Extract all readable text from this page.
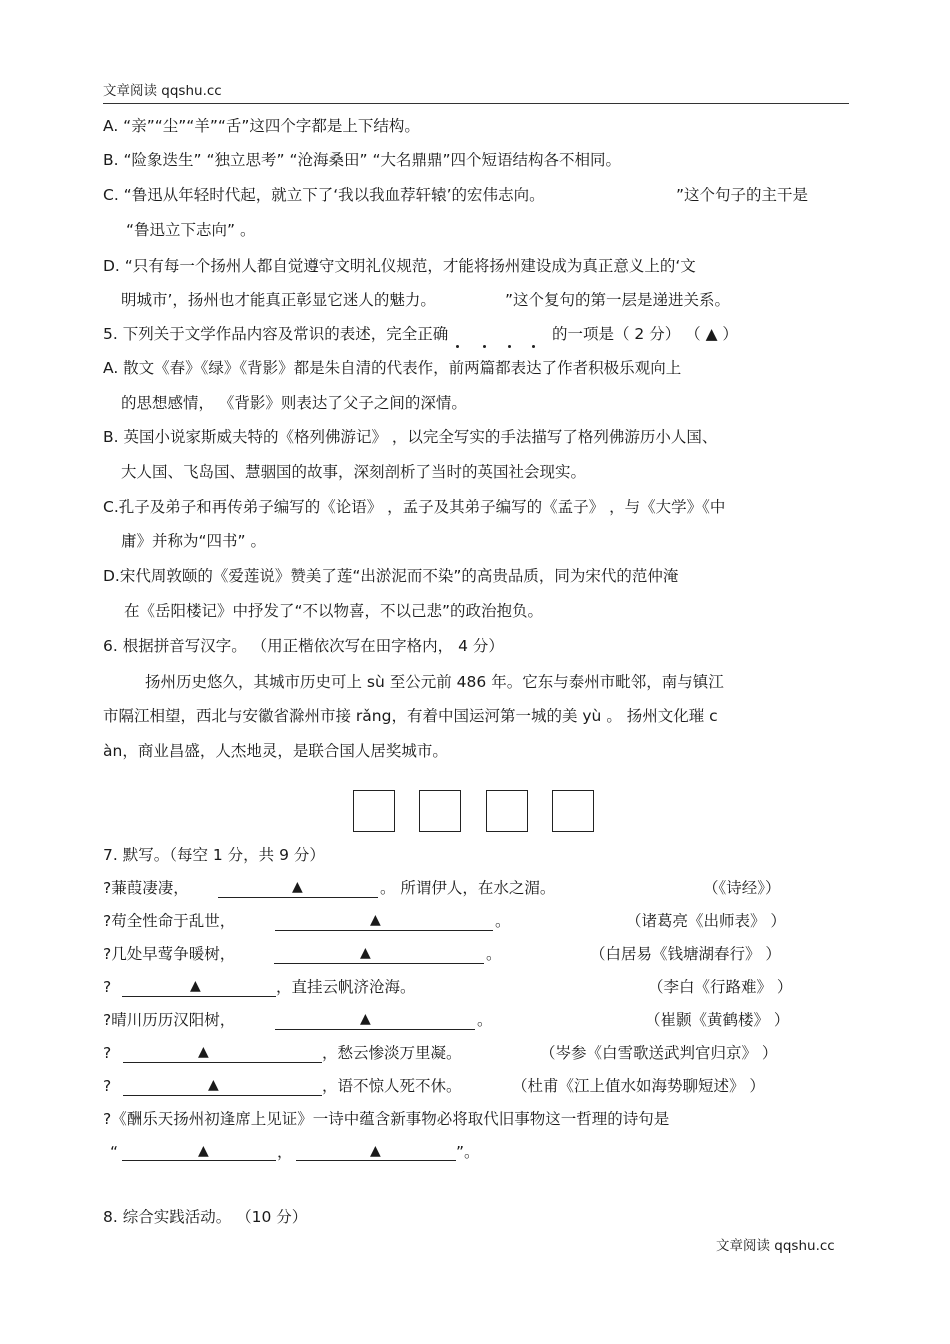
文章阅读 qqshu.cc
A. “亲”“尘”“羊”“舌”这四个字都是上下结构。
B. “险象迭生” “独立思考” “沧海桑田” “大名鼎鼎”四个短语结构各不相同。
C. “鲁迅从年轻时代起，就立下了‘我以我血荐轩辕’的宏伟志向。	”这个句子的主干是
“鲁迅立下志向” 。
D. “只有每一个扬州人都自觉遵守文明礼仪规范，才能将扬州建设成为真正意义上的‘文
明城市’，扬州也才能真正彰显它迷人的魅力。	”这个复句的第一层是递进关系。
5. 下列关于文学作品内容及常识的表述，完全正确	的一项是（ 2 分） （ ▲ ）
A. 散文《春》《绿》《背影》都是朱自清的代表作，前两篇都表达了作者积极乐观向上
的思想感情， 《背影》则表达了父子之间的深情。
B. 英国小说家斯威夫特的《格列佛游记》 ，以完全写实的手法描写了格列佛游历小人国、
大人国、飞岛国、慧骃国的故事，深刻剖析了当时的英国社会现实。
C.孔子及弟子和再传弟子编写的《论语》 ，孟子及其弟子编写的《孟子》 ，与《大学》《中
庸》并称为“四书” 。
D.宋代周敦颐的《爱莲说》赞美了莲“出淤泥而不染”的高贵品质，同为宋代的范仲淹
在《岳阳楼记》中抒发了“不以物喜，不以己悲”的政治抱负。
6. 根据拼音写汉字。 （用正楷依次写在田字格内， 4 分）
扬州历史悠久，其城市历史可上 sù 至公元前 486 年。它东与泰州市毗邻，南与镇江
市隔江相望，西北与安徽省滁州市接 rǎng，有着中国运河第一城的美 yù 。 扬州文化璀 c
àn，商业昌盛，人杰地灵，是联合国人居奖城市。
7. 默写。（每空 1 分，共 9 分）
?蒹葭凄凄，	▲	。 所谓伊人，在水之湄。	（《诗经》）
?苟全性命于乱世，	▲	。	（诸葛亮《出师表》 ）
?几处早莺争暖树，	▲	。	（白居易《钱塘湖春行》 ）
?	▲	，直挂云帆济沧海。	（李白《行路难》 ）
?晴川历历汉阳树，	▲	。	（崔颢《黄鹤楼》 ）
?	▲	，愁云惨淡万里凝。	（岑参《白雪歌送武判官归京》 ）
?	▲	，语不惊人死不休。	（杜甫《江上值水如海势聊短述》 ）
?《酬乐天扬州初逢席上见证》一诗中蕴含新事物必将取代旧事物这一哲理的诗句是
“	▲	，	▲	”。
8. 综合实践活动。 （10 分）
文章阅读 qqshu.cc
